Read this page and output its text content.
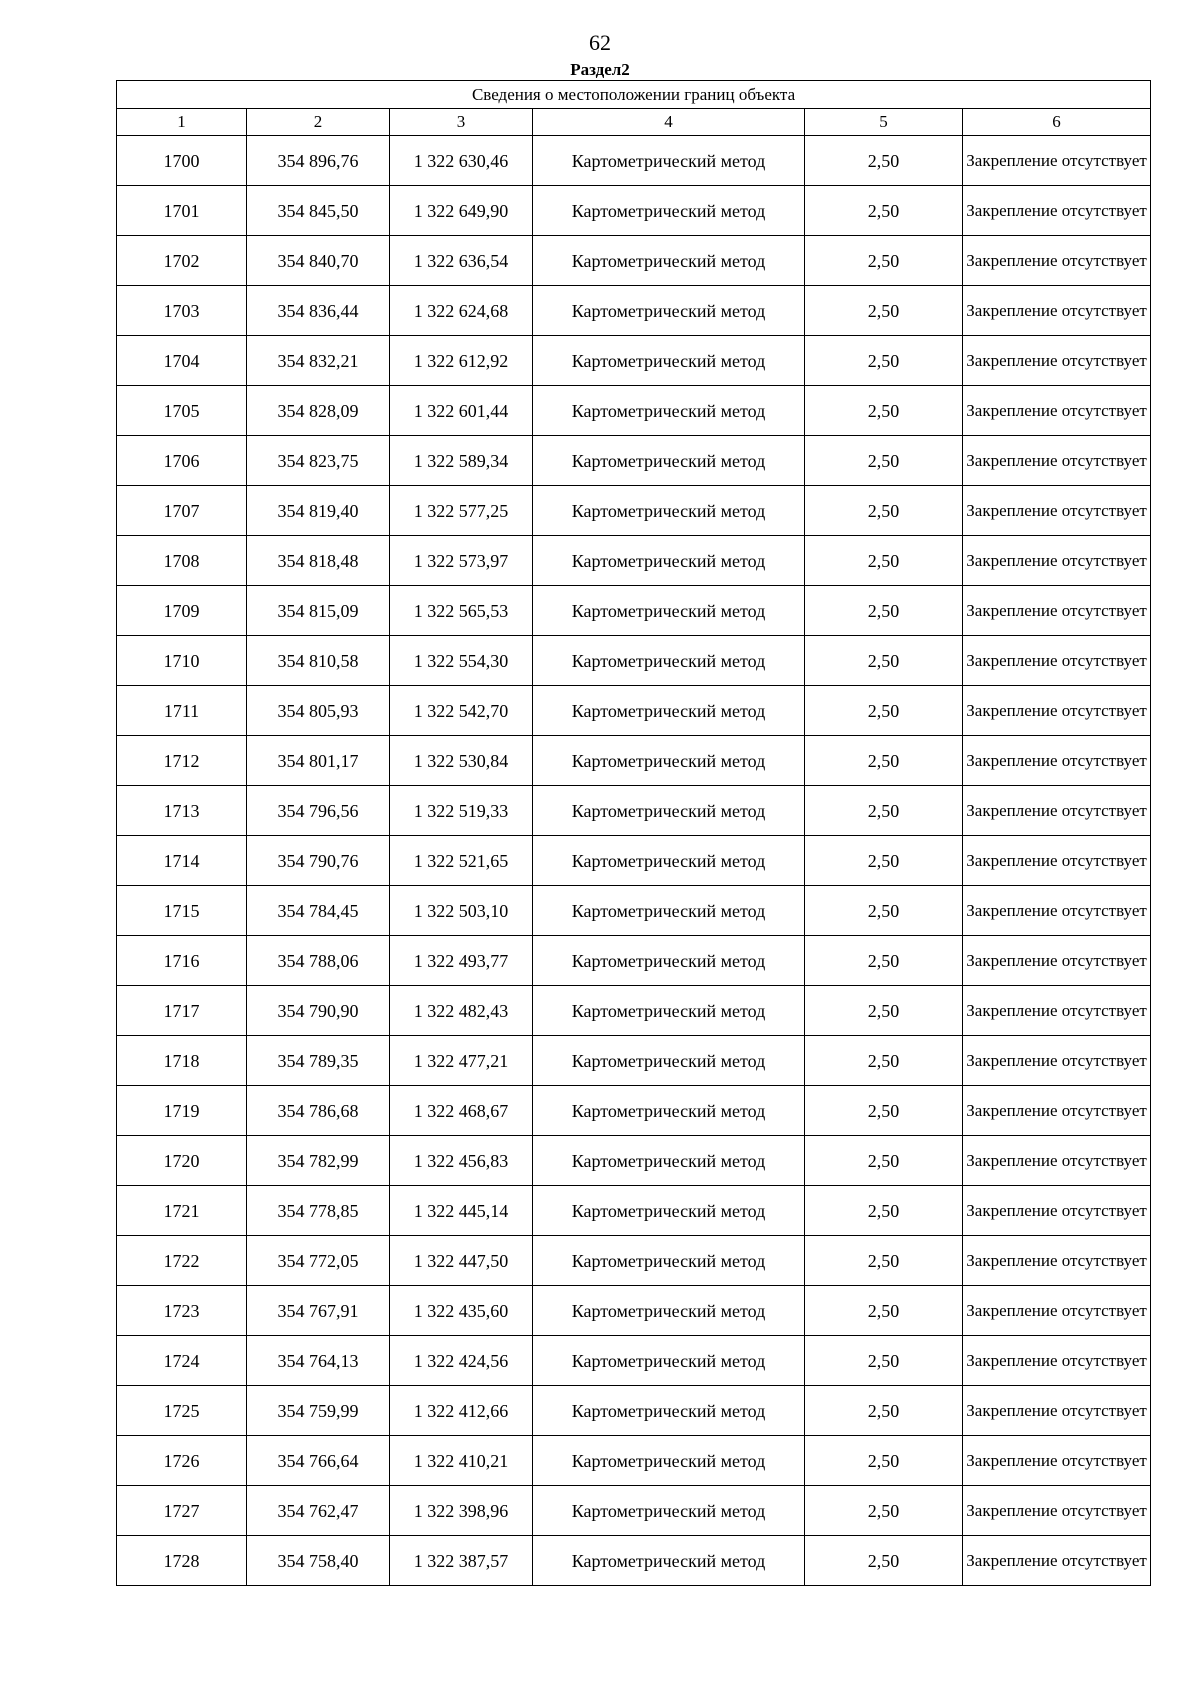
62
Раздел2
Сведения о местоположении границ объекта					
1	2	3	4	5	6
1700	354 896,76	1 322 630,46	Картометрический метод	2,50	Закрепление отсутствует
1701	354 845,50	1 322 649,90	Картометрический метод	2,50	Закрепление отсутствует
1702	354 840,70	1 322 636,54	Картометрический метод	2,50	Закрепление отсутствует
1703	354 836,44	1 322 624,68	Картометрический метод	2,50	Закрепление отсутствует
1704	354 832,21	1 322 612,92	Картометрический метод	2,50	Закрепление отсутствует
1705	354 828,09	1 322 601,44	Картометрический метод	2,50	Закрепление отсутствует
1706	354 823,75	1 322 589,34	Картометрический метод	2,50	Закрепление отсутствует
1707	354 819,40	1 322 577,25	Картометрический метод	2,50	Закрепление отсутствует
1708	354 818,48	1 322 573,97	Картометрический метод	2,50	Закрепление отсутствует
1709	354 815,09	1 322 565,53	Картометрический метод	2,50	Закрепление отсутствует
1710	354 810,58	1 322 554,30	Картометрический метод	2,50	Закрепление отсутствует
1711	354 805,93	1 322 542,70	Картометрический метод	2,50	Закрепление отсутствует
1712	354 801,17	1 322 530,84	Картометрический метод	2,50	Закрепление отсутствует
1713	354 796,56	1 322 519,33	Картометрический метод	2,50	Закрепление отсутствует
1714	354 790,76	1 322 521,65	Картометрический метод	2,50	Закрепление отсутствует
1715	354 784,45	1 322 503,10	Картометрический метод	2,50	Закрепление отсутствует
1716	354 788,06	1 322 493,77	Картометрический метод	2,50	Закрепление отсутствует
1717	354 790,90	1 322 482,43	Картометрический метод	2,50	Закрепление отсутствует
1718	354 789,35	1 322 477,21	Картометрический метод	2,50	Закрепление отсутствует
1719	354 786,68	1 322 468,67	Картометрический метод	2,50	Закрепление отсутствует
1720	354 782,99	1 322 456,83	Картометрический метод	2,50	Закрепление отсутствует
1721	354 778,85	1 322 445,14	Картометрический метод	2,50	Закрепление отсутствует
1722	354 772,05	1 322 447,50	Картометрический метод	2,50	Закрепление отсутствует
1723	354 767,91	1 322 435,60	Картометрический метод	2,50	Закрепление отсутствует
1724	354 764,13	1 322 424,56	Картометрический метод	2,50	Закрепление отсутствует
1725	354 759,99	1 322 412,66	Картометрический метод	2,50	Закрепление отсутствует
1726	354 766,64	1 322 410,21	Картометрический метод	2,50	Закрепление отсутствует
1727	354 762,47	1 322 398,96	Картометрический метод	2,50	Закрепление отсутствует
1728	354 758,40	1 322 387,57	Картометрический метод	2,50	Закрепление отсутствует
